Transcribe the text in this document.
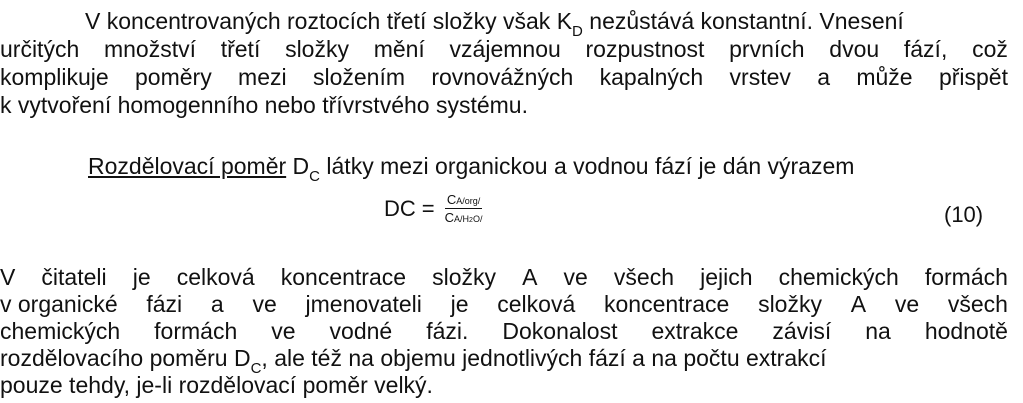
V koncentrovaných roztocích třetí složky však $K_D$ nezůstává konstantní. Vnesení
určitých množství třetí složky mění vzájemnou rozpustnost prvních dvou fází, což
komplikuje poměry mezi složením rovnovážných kapalných vrstev a může přispět
k vytvoření homogenního nebo třívrstvého systému.
Rozdělovací poměr $D_C$ látky mezi organickou a vodnou fází je dán výrazem
DC = $\frac{\text{CA/org/}}{CA/H2O/}$	(10)
V čitateli je celková koncentrace složky A ve všech jejich chemických formách
v organické fázi a ve jmenovateli je celková koncentrace složky A ve všech
chemických formách ve vodné fázi. Dokonalost extrakce závisí na hodnotě
rozdělovacího poměru $D_C$, ale též na objemu jednotlivých fází a na počtu extrakcí
pouze tehdy, je-li rozdělovací poměr velký.
